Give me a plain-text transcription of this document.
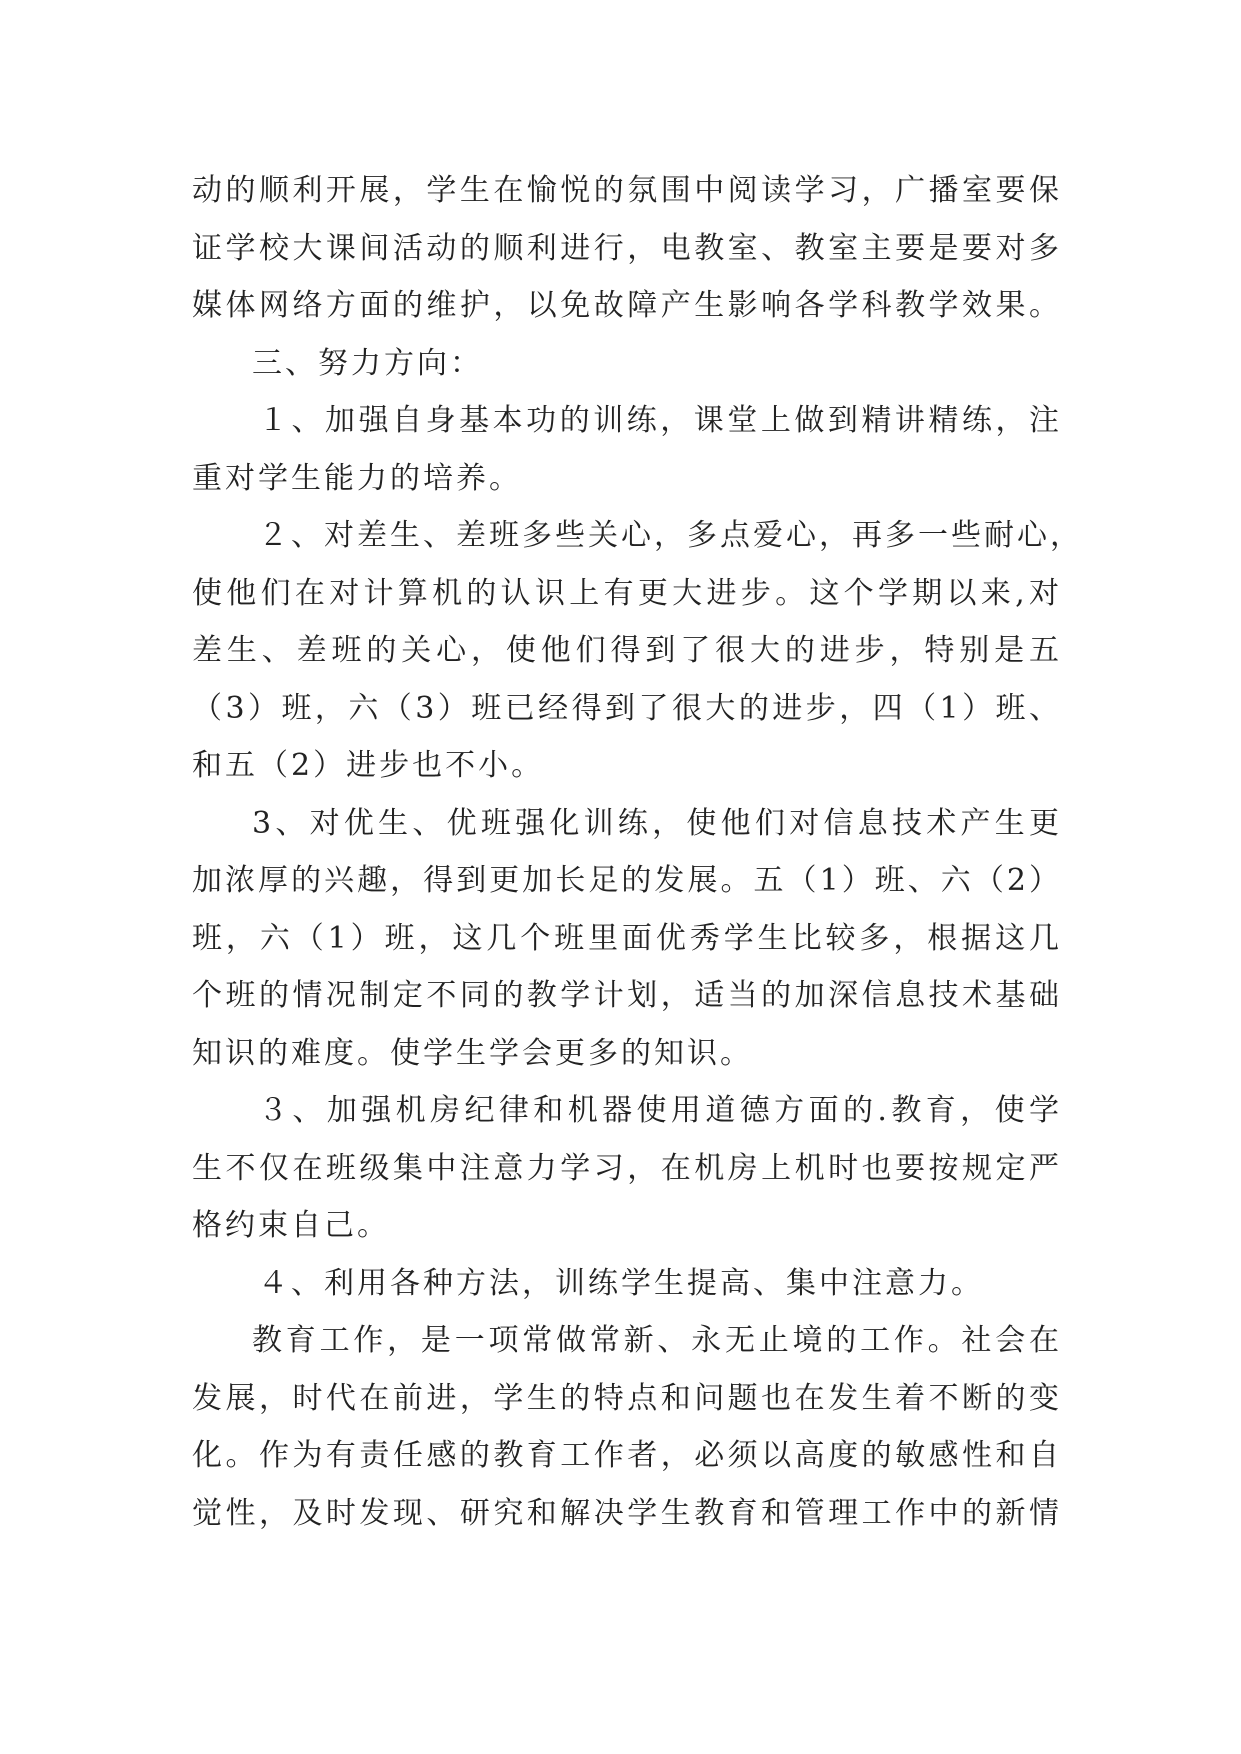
动的顺利开展，学生在愉悦的氛围中阅读学习，广播室要保
证学校大课间活动的顺利进行，电教室、教室主要是要对多
媒体网络方面的维护，以免故障产生影响各学科教学效果。
三、努力方向：
１、加强自身基本功的训练，课堂上做到精讲精练，注
重对学生能力的培养。
２、对差生、差班多些关心，多点爱心，再多一些耐心，
使他们在对计算机的认识上有更大进步。这个学期以来,对
差生、差班的关心，使他们得到了很大的进步，特别是五
（3）班，六（3）班已经得到了很大的进步，四（1）班、
和五（2）进步也不小。
3、对优生、优班强化训练，使他们对信息技术产生更
加浓厚的兴趣，得到更加长足的发展。五（1）班、六（2）
班，六（1）班，这几个班里面优秀学生比较多，根据这几
个班的情况制定不同的教学计划，适当的加深信息技术基础
知识的难度。使学生学会更多的知识。
３、加强机房纪律和机器使用道德方面的.教育，使学
生不仅在班级集中注意力学习，在机房上机时也要按规定严
格约束自己。
４、利用各种方法，训练学生提高、集中注意力。
教育工作，是一项常做常新、永无止境的工作。社会在
发展，时代在前进，学生的特点和问题也在发生着不断的变
化。作为有责任感的教育工作者，必须以高度的敏感性和自
觉性，及时发现、研究和解决学生教育和管理工作中的新情
